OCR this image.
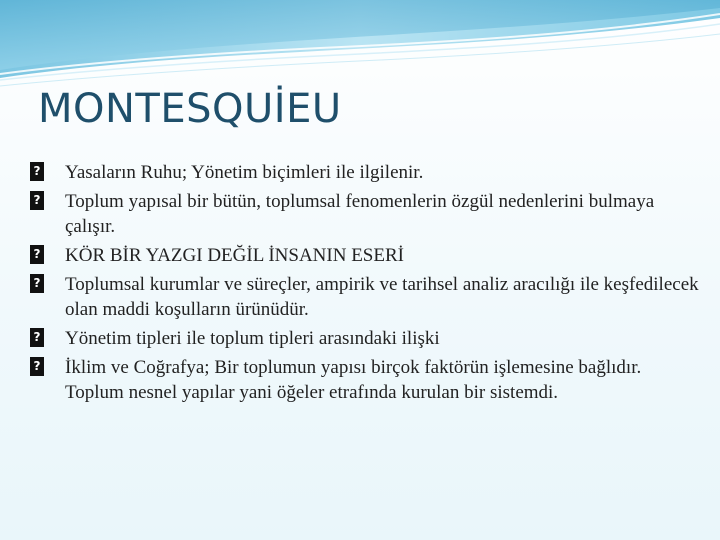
MONTESQUİEU
? Yasaların Ruhu; Yönetim biçimleri ile ilgilenir.
? Toplum yapısal bir bütün, toplumsal fenomenlerin özgül nedenlerini bulmaya çalışır.
? KÖR BİR YAZGI DEĞİL İNSANIN ESERİ
? Toplumsal kurumlar ve süreçler, ampirik ve tarihsel analiz aracılığı ile keşfedilecek olan maddi koşulların ürünüdür.
? Yönetim tipleri ile toplum tipleri arasındaki ilişki
? İklim ve Coğrafya; Bir toplumun yapısı birçok faktörün işlemesine bağlıdır. Toplum nesnel yapılar yani öğeler etrafında kurulan bir sistemdi.
